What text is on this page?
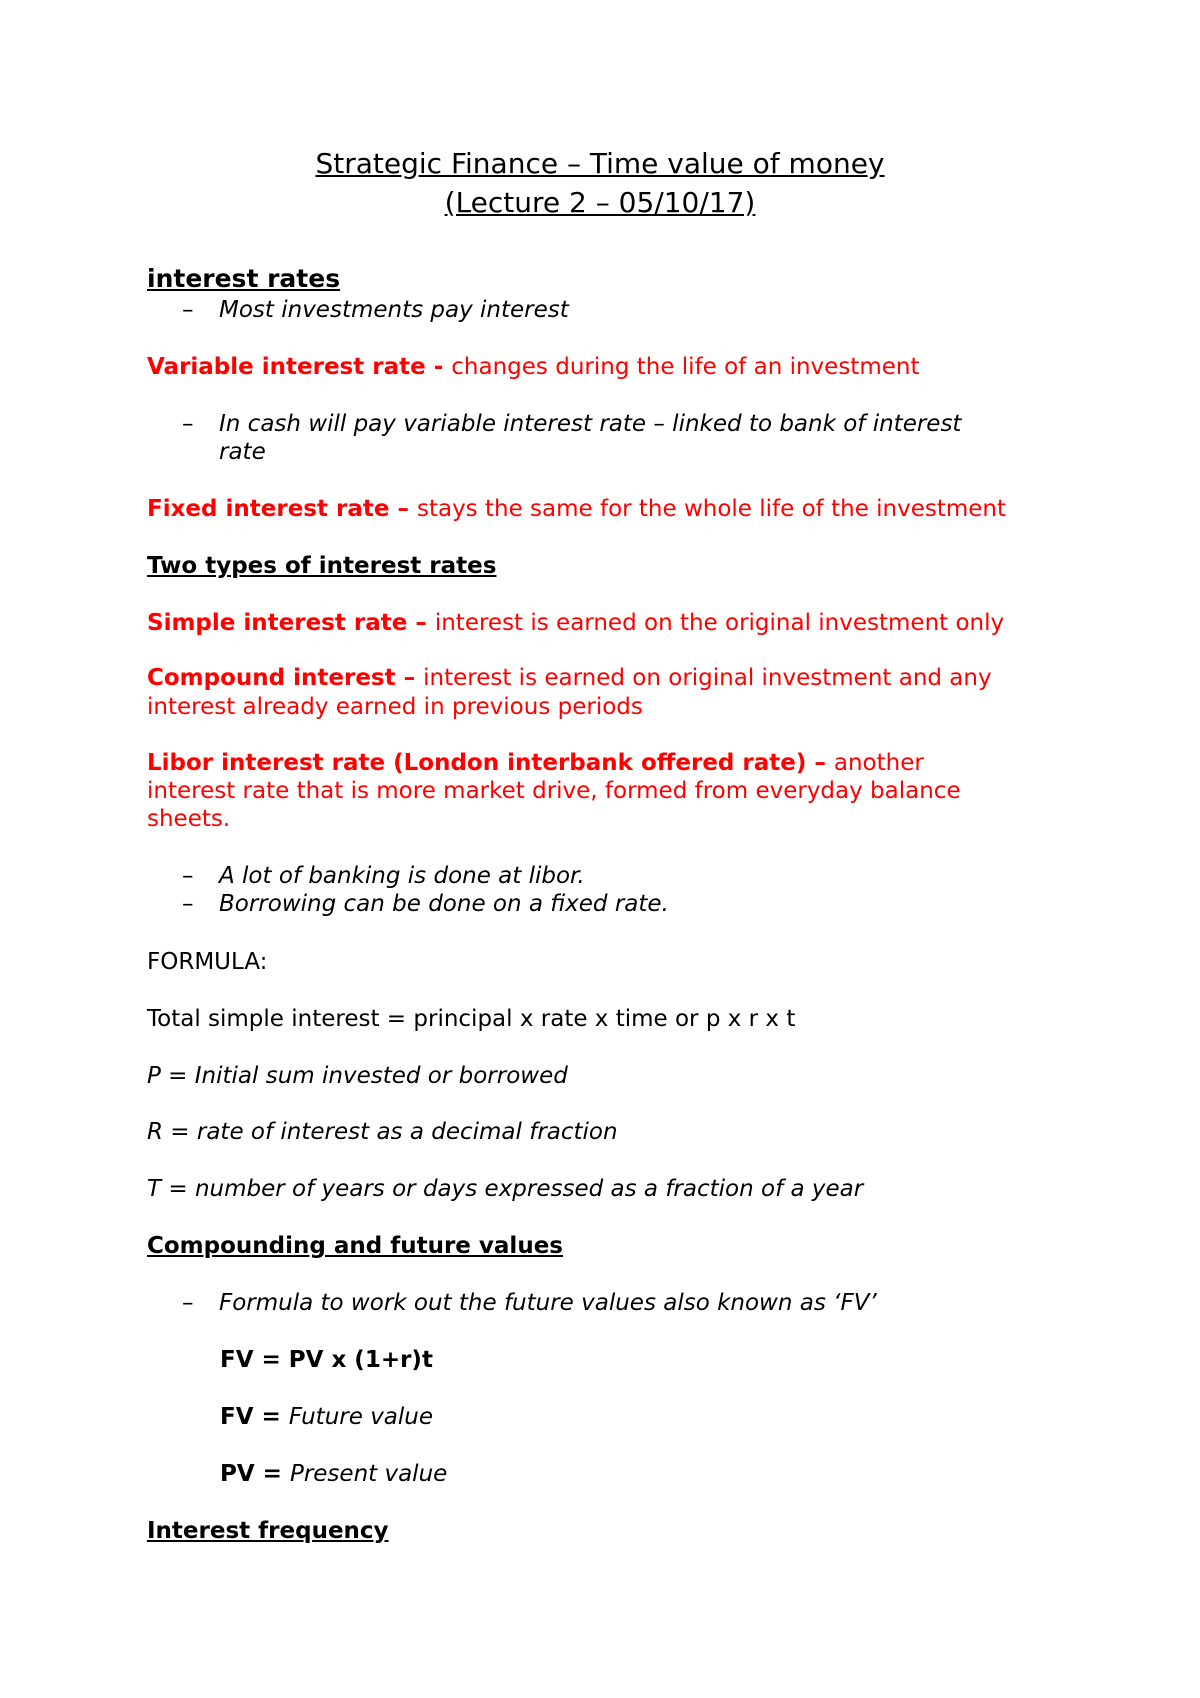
Strategic Finance – Time value of money

(Lecture 2 – 05/10/17)

interest rates

– Most investments pay interest

Variable interest rate - changes during the life of an investment

– In cash will pay variable interest rate – linked to bank of interest

rate

Fixed interest rate – stays the same for the whole life of the investment

Two types of interest rates

Simple interest rate – interest is earned on the original investment only

Compound interest – interest is earned on original investment and any

interest already earned in previous periods

Libor interest rate (London interbank offered rate) – another

interest rate that is more market drive, formed from everyday balance

sheets.

– A lot of banking is done at libor.

– Borrowing can be done on a fixed rate.

FORMULA:

Total simple interest = principal x rate x time or p x r x t

P = Initial sum invested or borrowed

R = rate of interest as a decimal fraction

T = number of years or days expressed as a fraction of a year

Compounding and future values

– Formula to work out the future values also known as ‘FV’

FV = PV x (1+r)t

FV = Future value

PV = Present value

Interest frequency
